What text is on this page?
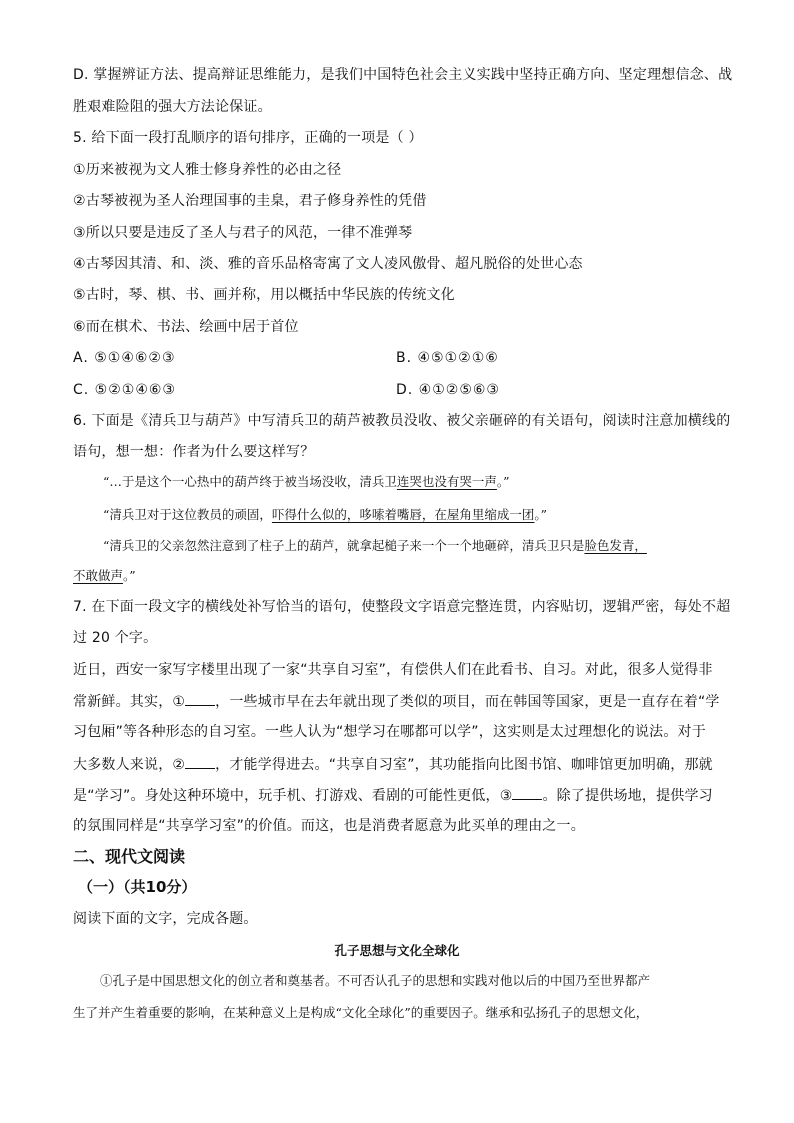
D. 掌握辨证方法、提高辩证思维能力，是我们中国特色社会主义实践中坚持正确方向、坚定理想信念、战
胜艰难险阻的强大方法论保证。
5. 给下面一段打乱顺序的语句排序，正确的一项是（ ）
①历来被视为文人雅士修身养性的必由之径
②古琴被视为圣人治理国事的圭臬，君子修身养性的凭借
③所以只要是违反了圣人与君子的风范，一律不准弹琴
④古琴因其清、和、淡、雅的音乐品格寄寓了文人凌风傲骨、超凡脱俗的处世心态
⑤古时，琴、棋、书、画并称，用以概括中华民族的传统文化
⑥而在棋术、书法、绘画中居于首位
A. ⑤①④⑥②③	B. ④⑤①②①⑥
C. ⑤②①④⑥③	D. ④①②⑤⑥③
6. 下面是《清兵卫与葫芦》中写清兵卫的葫芦被教员没收、被父亲砸碎的有关语句，阅读时注意加横线的
语句，想一想：作者为什么要这样写？
“…于是这个一心热中的葫芦终于被当场没收，清兵卫连哭也没有哭一声。”
“清兵卫对于这位教员的顽固，吓得什么似的，哆嗦着嘴唇，在屋角里缩成一团。”
“清兵卫的父亲忽然注意到了柱子上的葫芦，就拿起槌子来一个一个地砸碎，清兵卫只是脸色发青，
不敢做声。”
7. 在下面一段文字的横线处补写恰当的语句，使整段文字语意完整连贯，内容贴切，逻辑严密，每处不超
过 20 个字。
近日，西安一家写字楼里出现了一家“共享自习室”，有偿供人们在此看书、自习。对此，很多人觉得非
常新鲜。其实，① ，一些城市早在去年就出现了类似的项目，而在韩国等国家，更是一直存在着“学
习包厢”等各种形态的自习室。一些人认为“想学习在哪都可以学”，这实则是太过理想化的说法。对于
大多数人来说，② ，才能学得进去。“共享自习室”，其功能指向比图书馆、咖啡馆更加明确，那就
是“学习”。身处这种环境中，玩手机、打游戏、看剧的可能性更低，③ 。除了提供场地，提供学习
的氛围同样是“共享学习室”的价值。而这，也是消费者愿意为此买单的理由之一。
二、现代文阅读
（一）（共10分）
阅读下面的文字，完成各题。
孔子思想与文化全球化
①孔子是中国思想文化的创立者和奠基者。不可否认孔子的思想和实践对他以后的中国乃至世界都产
生了并产生着重要的影响，在某种意义上是构成“文化全球化”的重要因子。继承和弘扬孔子的思想文化，
